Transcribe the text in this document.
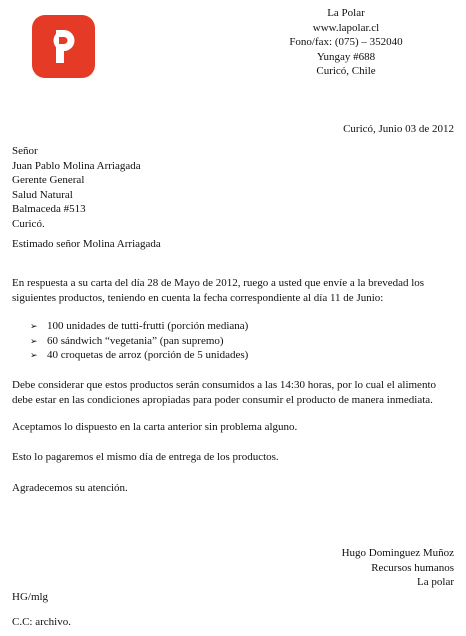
La Polar
www.lapolar.cl
Fono/fax: (075) – 352040
Yungay #688
Curicó, Chile
Curicó, Junio 03 de 2012
Señor
Juan Pablo Molina Arriagada
Gerente General
Salud Natural
Balmaceda #513
Curicó.
Estimado señor Molina Arriagada
En respuesta a su carta del día 28 de Mayo de 2012, ruego a usted que envíe a la brevedad los siguientes productos, teniendo en cuenta la fecha correspondiente al día 11 de Junio:
➢ 100 unidades de tutti-frutti (porción mediana)
➢ 60 sándwich “vegetania” (pan supremo)
➢ 40 croquetas de arroz (porción de 5 unidades)
Debe considerar que estos productos serán consumidos a las 14:30 horas, por lo cual el alimento debe estar en las condiciones apropiadas para poder consumir el producto de manera inmediata.
Aceptamos lo dispuesto en la carta anterior sin problema alguno.
Esto lo pagaremos el mismo día de entrega de los productos.
Agradecemos su atención.
Hugo Dominguez Muñoz
Recursos humanos
La polar
HG/mlg
C.C: archivo.
